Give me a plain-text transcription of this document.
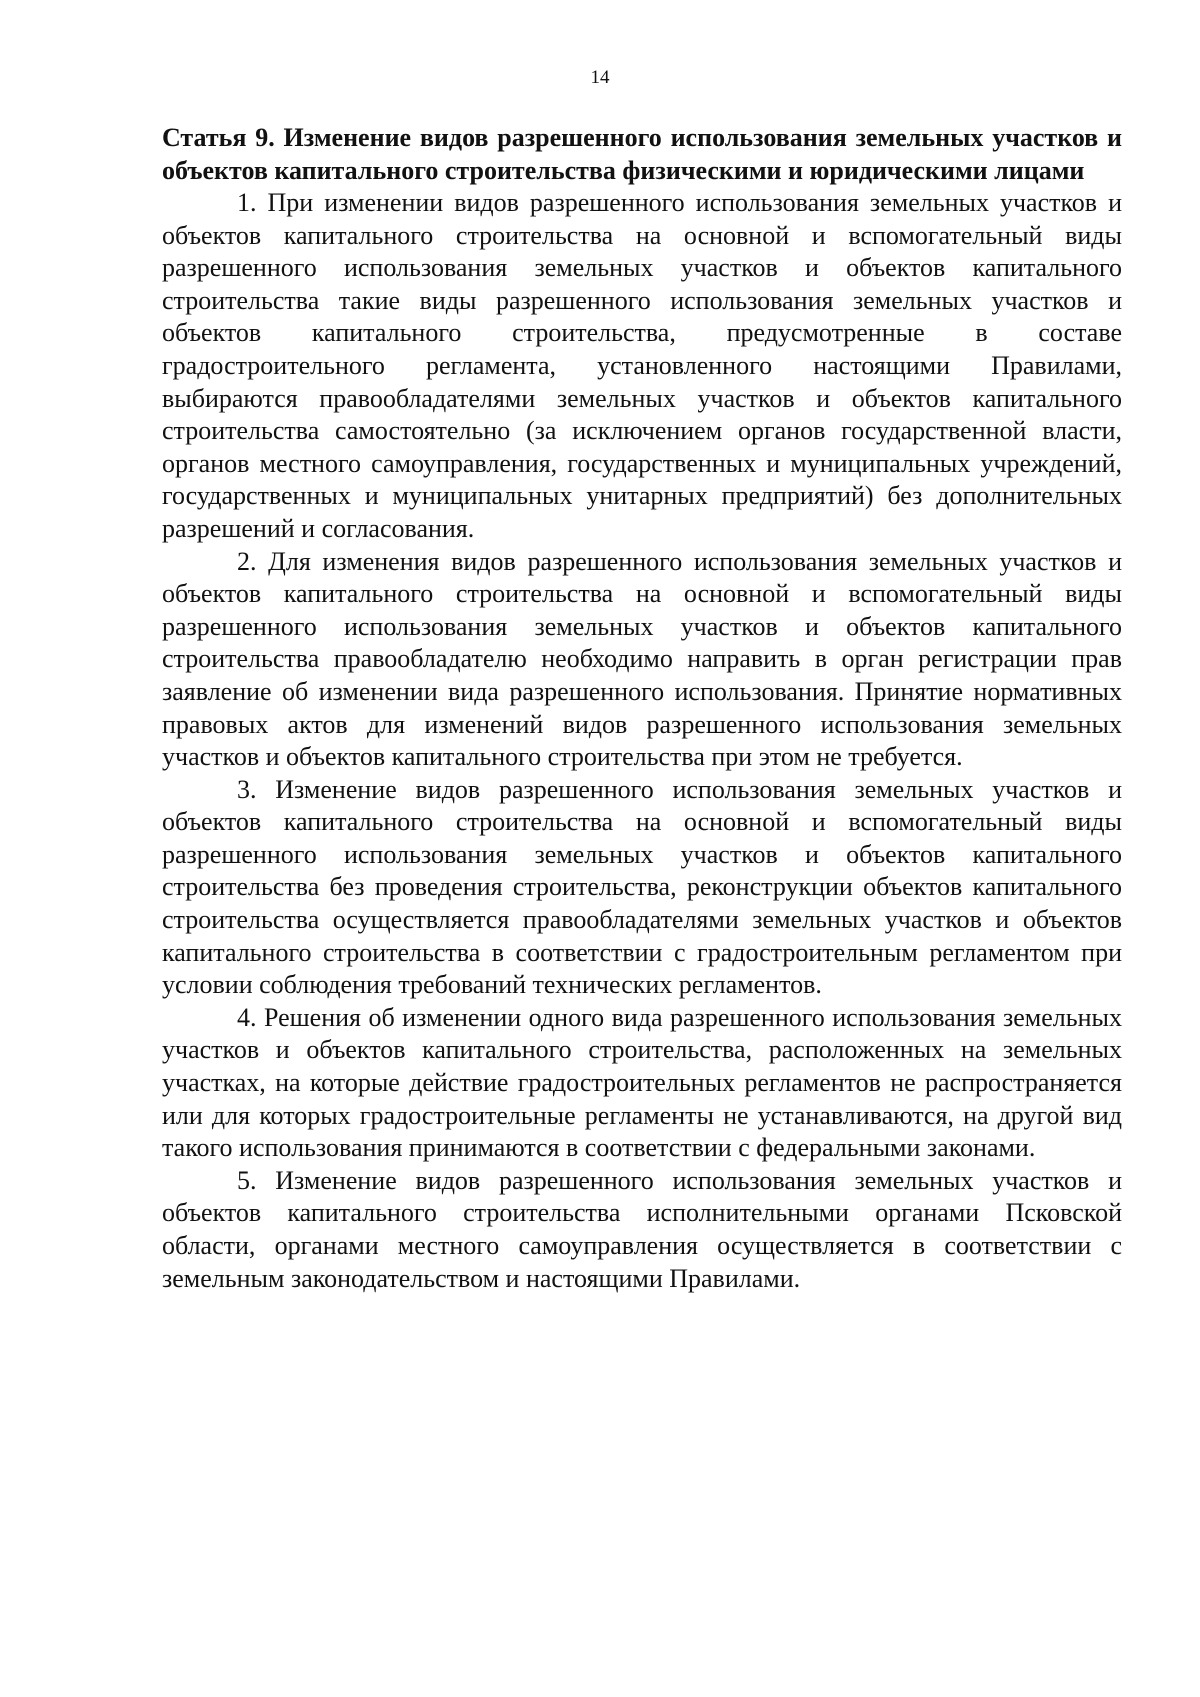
14
Статья 9. Изменение видов разрешенного использования земельных участков и объектов капитального строительства физическими и юридическими лицами

1. При изменении видов разрешенного использования земельных участков и объектов капитального строительства на основной и вспомогательный виды разрешенного использования земельных участков и объектов капитального строительства такие виды разрешенного использования земельных участков и объектов капитального строительства, предусмотренные в составе градостроительного регламента, установленного настоящими Правилами, выбираются правообладателями земельных участков и объектов капитального строительства самостоятельно (за исключением органов государственной власти, органов местного самоуправления, государственных и муниципальных учреждений, государственных и муниципальных унитарных предприятий) без дополнительных разрешений и согласования.

2. Для изменения видов разрешенного использования земельных участков и объектов капитального строительства на основной и вспомогательный виды разрешенного использования земельных участков и объектов капитального строительства правообладателю необходимо направить в орган регистрации прав заявление об изменении вида разрешенного использования. Принятие нормативных правовых актов для изменений видов разрешенного использования земельных участков и объектов капитального строительства при этом не требуется.

3. Изменение видов разрешенного использования земельных участков и объектов капитального строительства на основной и вспомогательный виды разрешенного использования земельных участков и объектов капитального строительства без проведения строительства, реконструкции объектов капитального строительства осуществляется правообладателями земельных участков и объектов капитального строительства в соответствии с градостроительным регламентом при условии соблюдения требований технических регламентов.

4. Решения об изменении одного вида разрешенного использования земельных участков и объектов капитального строительства, расположенных на земельных участках, на которые действие градостроительных регламентов не распространяется или для которых градостроительные регламенты не устанавливаются, на другой вид такого использования принимаются в соответствии с федеральными законами.

5. Изменение видов разрешенного использования земельных участков и объектов капитального строительства исполнительными органами Псковской области, органами местного самоуправления осуществляется в соответствии с земельным законодательством и настоящими Правилами.
